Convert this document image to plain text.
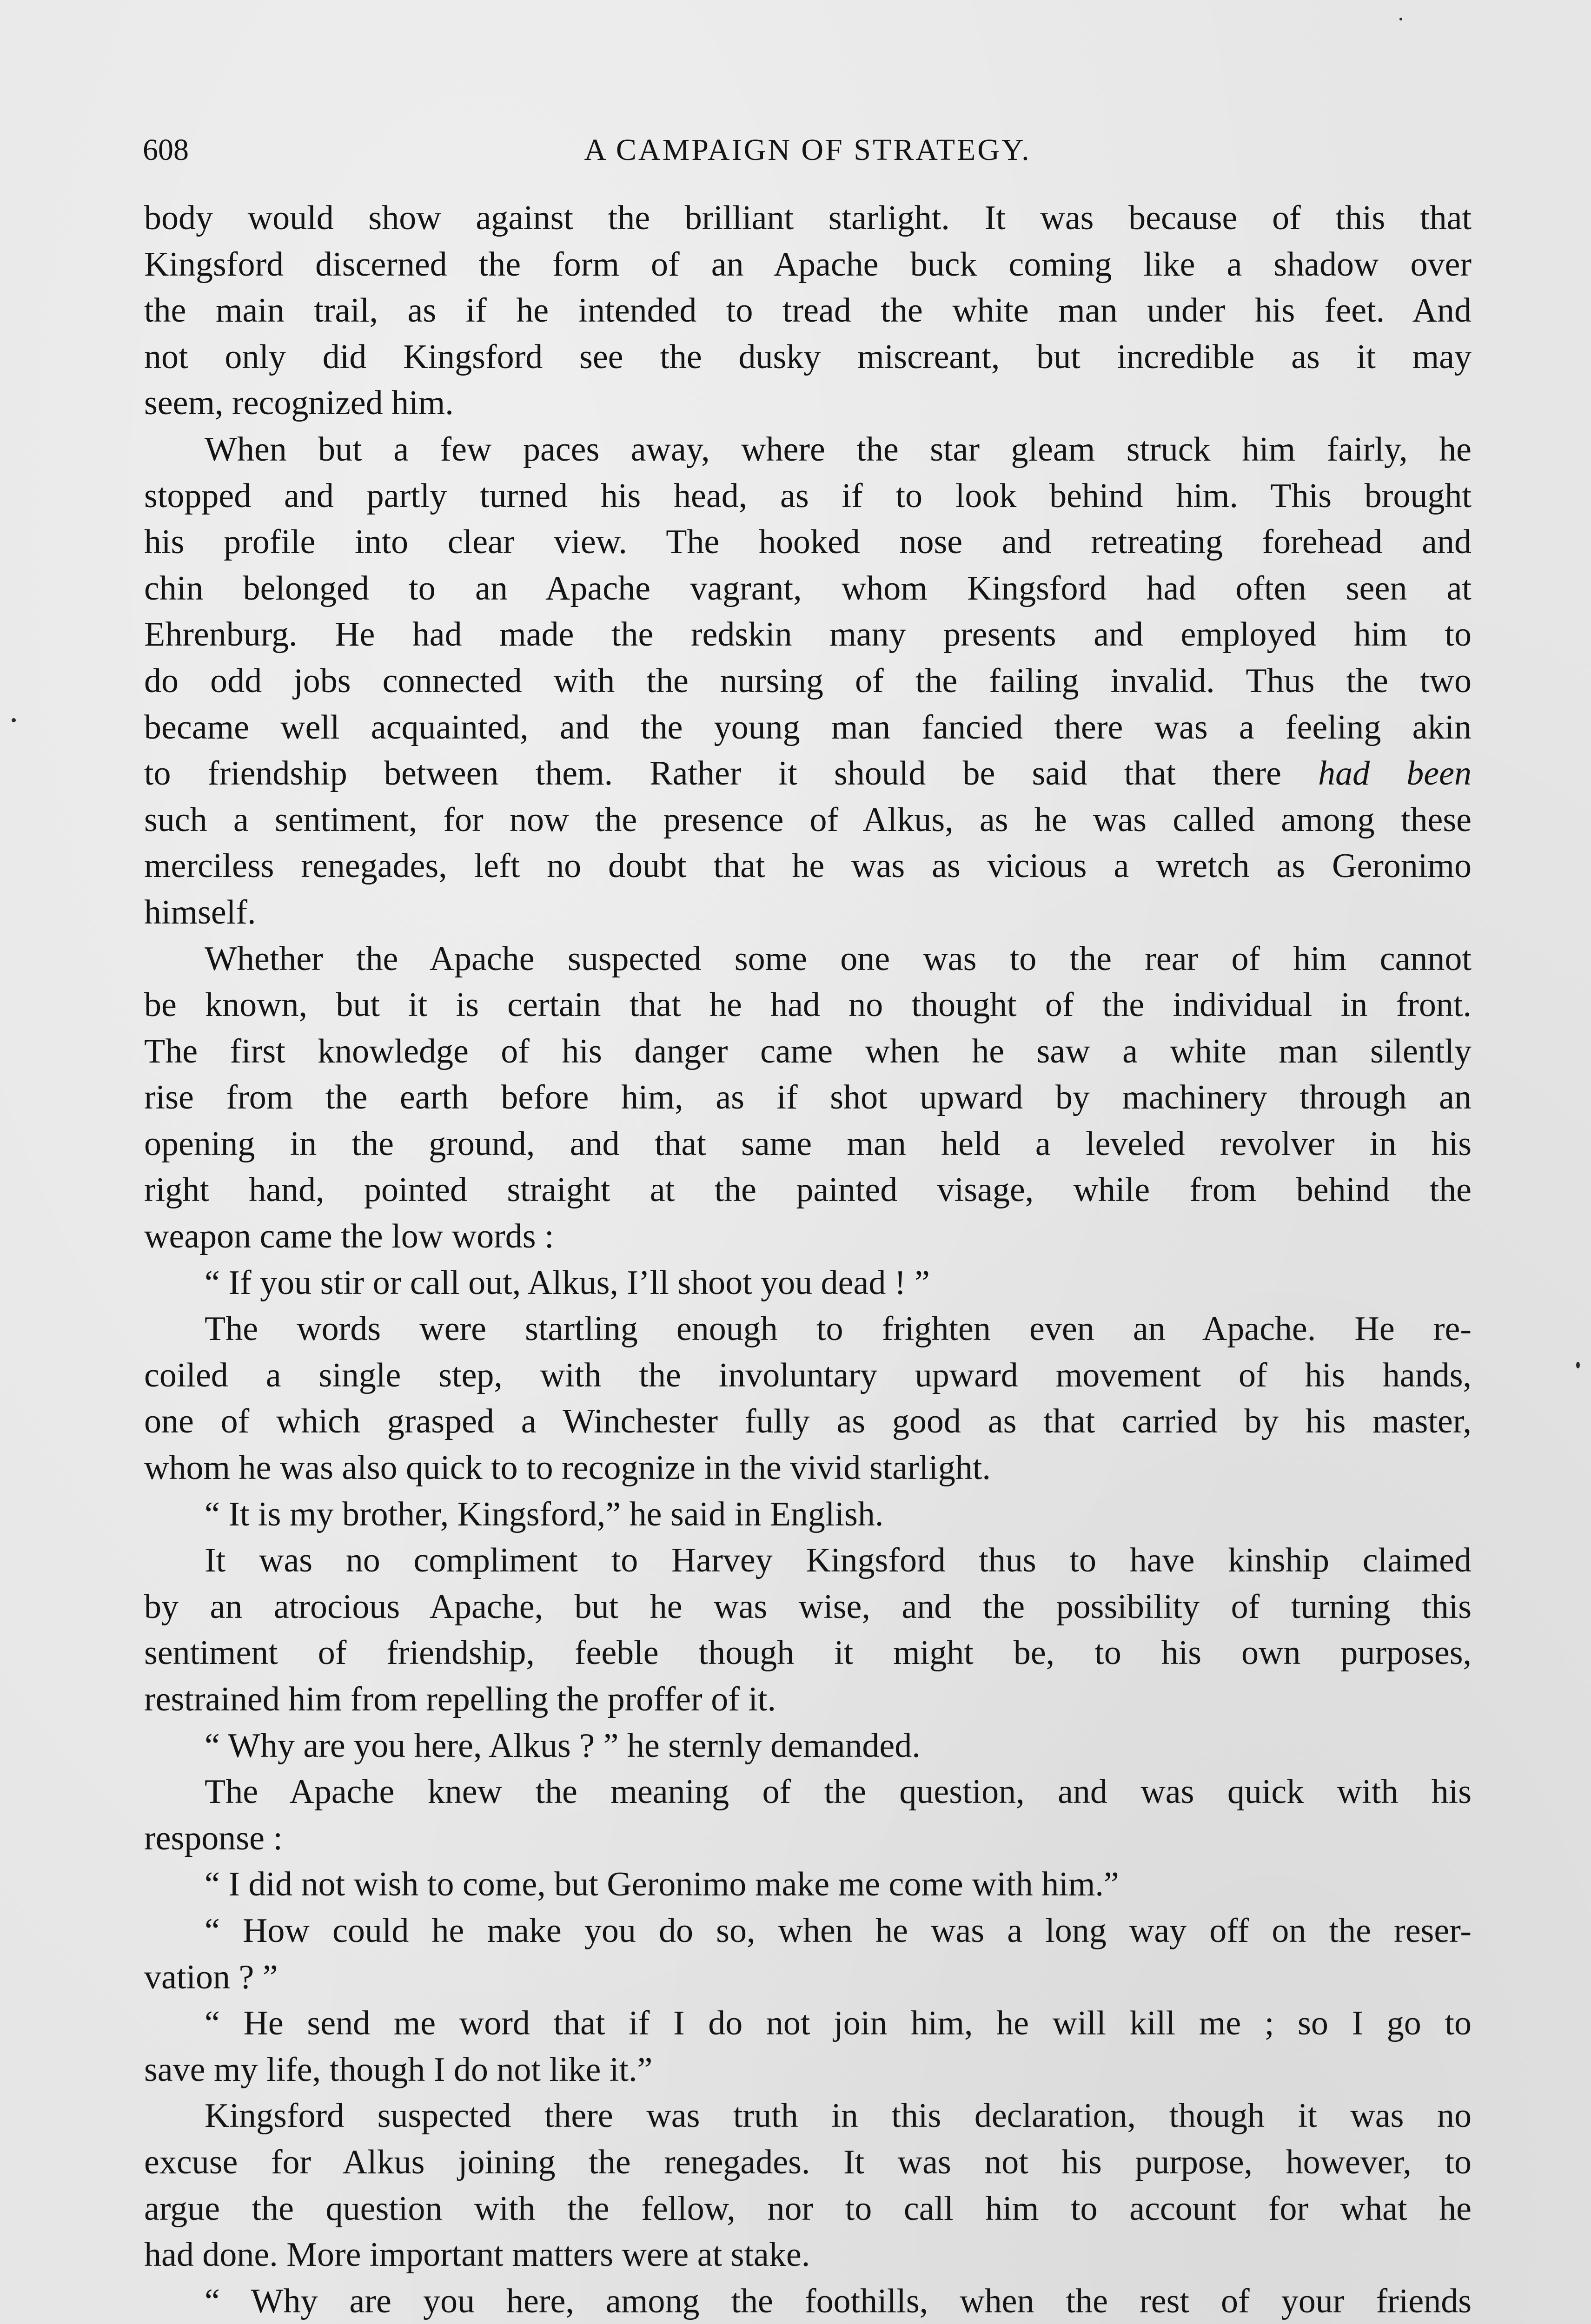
608	A CAMPAIGN OF STRATEGY.
body would show against the brilliant starlight. It was because of this that
Kingsford discerned the form of an Apache buck coming like a shadow over
the main trail, as if he intended to tread the white man under his feet. And
not only did Kingsford see the dusky miscreant, but incredible as it may
seem, recognized him.
When but a few paces away, where the star gleam struck him fairly, he
stopped and partly turned his head, as if to look behind him. This brought
his profile into clear view. The hooked nose and retreating forehead and
chin belonged to an Apache vagrant, whom Kingsford had often seen at
Ehrenburg. He had made the redskin many presents and employed him to
do odd jobs connected with the nursing of the failing invalid. Thus the two
became well acquainted, and the young man fancied there was a feeling akin
to friendship between them. Rather it should be said that there had been
such a sentiment, for now the presence of Alkus, as he was called among these
merciless renegades, left no doubt that he was as vicious a wretch as Geronimo
himself.
Whether the Apache suspected some one was to the rear of him cannot
be known, but it is certain that he had no thought of the individual in front.
The first knowledge of his danger came when he saw a white man silently
rise from the earth before him, as if shot upward by machinery through an
opening in the ground, and that same man held a leveled revolver in his
right hand, pointed straight at the painted visage, while from behind the
weapon came the low words :
“ If you stir or call out, Alkus, I’ll shoot you dead ! ”
The words were startling enough to frighten even an Apache. He re-
coiled a single step, with the involuntary upward movement of his hands,
one of which grasped a Winchester fully as good as that carried by his master,
whom he was also quick to to recognize in the vivid starlight.
“ It is my brother, Kingsford,” he said in English.
It was no compliment to Harvey Kingsford thus to have kinship claimed
by an atrocious Apache, but he was wise, and the possibility of turning this
sentiment of friendship, feeble though it might be, to his own purposes,
restrained him from repelling the proffer of it.
“ Why are you here, Alkus ? ” he sternly demanded.
The Apache knew the meaning of the question, and was quick with his
response :
“ I did not wish to come, but Geronimo make me come with him.”
“ How could he make you do so, when he was a long way off on the reser-
vation ? ”
“ He send me word that if I do not join him, he will kill me ; so I go to
save my life, though I do not like it.”
Kingsford suspected there was truth in this declaration, though it was no
excuse for Alkus joining the renegades. It was not his purpose, however, to
argue the question with the fellow, nor to call him to account for what he
had done. More important matters were at stake.
“ Why are you here, among the foothills, when the rest of your friends
